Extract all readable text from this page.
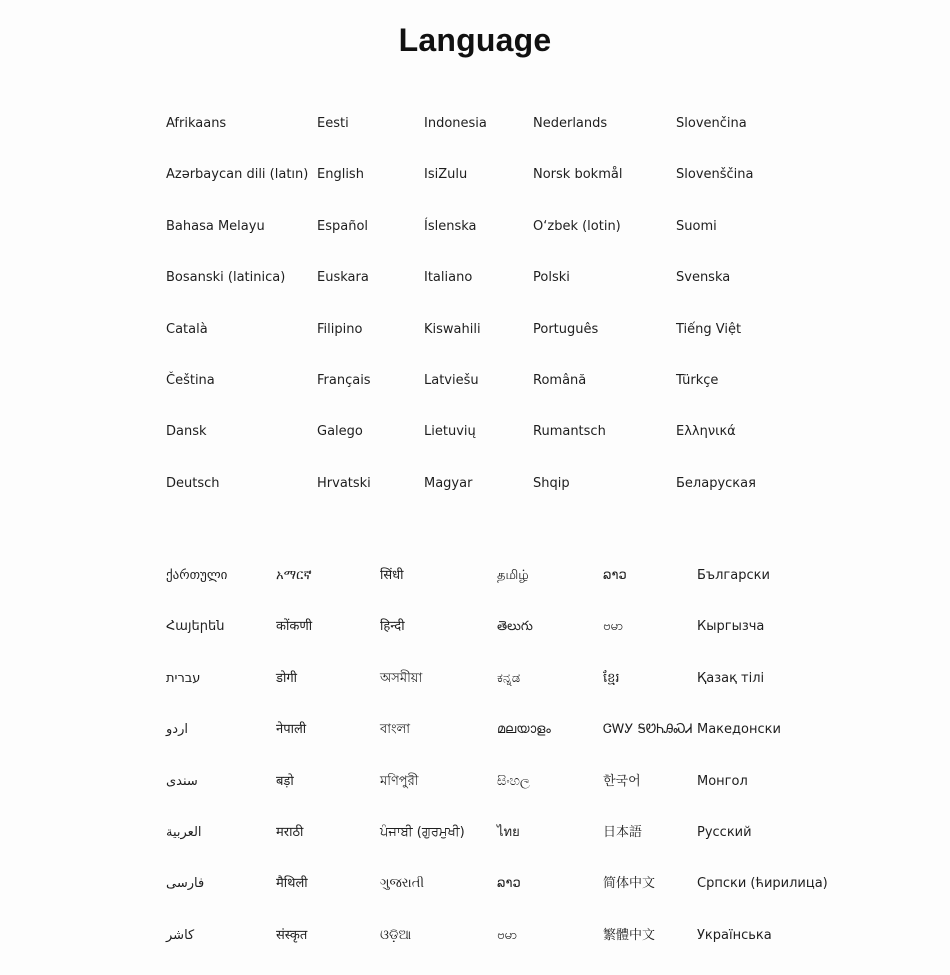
Language
Afrikaans
Azərbaycan dili (latın)
Bahasa Melayu
Bosanski (latinica)
Català
Čeština
Dansk
Deutsch
Eesti
English
Español
Euskara
Filipino
Français
Galego
Hrvatski
Indonesia
IsiZulu
Íslenska
Italiano
Kiswahili
Latviešu
Lietuvių
Magyar
Nederlands
Norsk bokmål
O‘zbek (lotin)
Polski
Português
Română
Rumantsch
Shqip
Slovenčina
Slovenščina
Suomi
Svenska
Tiếng Việt
Türkçe
Ελληνικά
Беларуская
ქართული
Հայերեն
עברית
اردو
سندی
العربية
فارسی
کاشر
አማርኛ
कोंकणी
डोगी
नेपाली
बड़ो
मराठी
मैथिली
संस्कृत
सिंधी
हिन्दी
অসমীয়া
বাংলা
মণিপুরী
ਪੰਜਾਬੀ (ਗੁਰਮੁਖੀ)
ગુજરાતી
ଓଡ଼ିଆ
தமிழ்
తెలుగు
ಕನ್ನಡ
മലയാളം
සිංහල
ไทย
ລາວ
ဗမာ
ລາວ
ဗမာ
ខ្មែរ
ᏣᎳᎩ ᎦᏬᏂᎯᏍᏗ
한국어
日本語
简体中文
繁體中文
Български
Кыргызча
Қазақ тілі
Македонски
Монгол
Русский
Српски (ћирилица)
Українська
